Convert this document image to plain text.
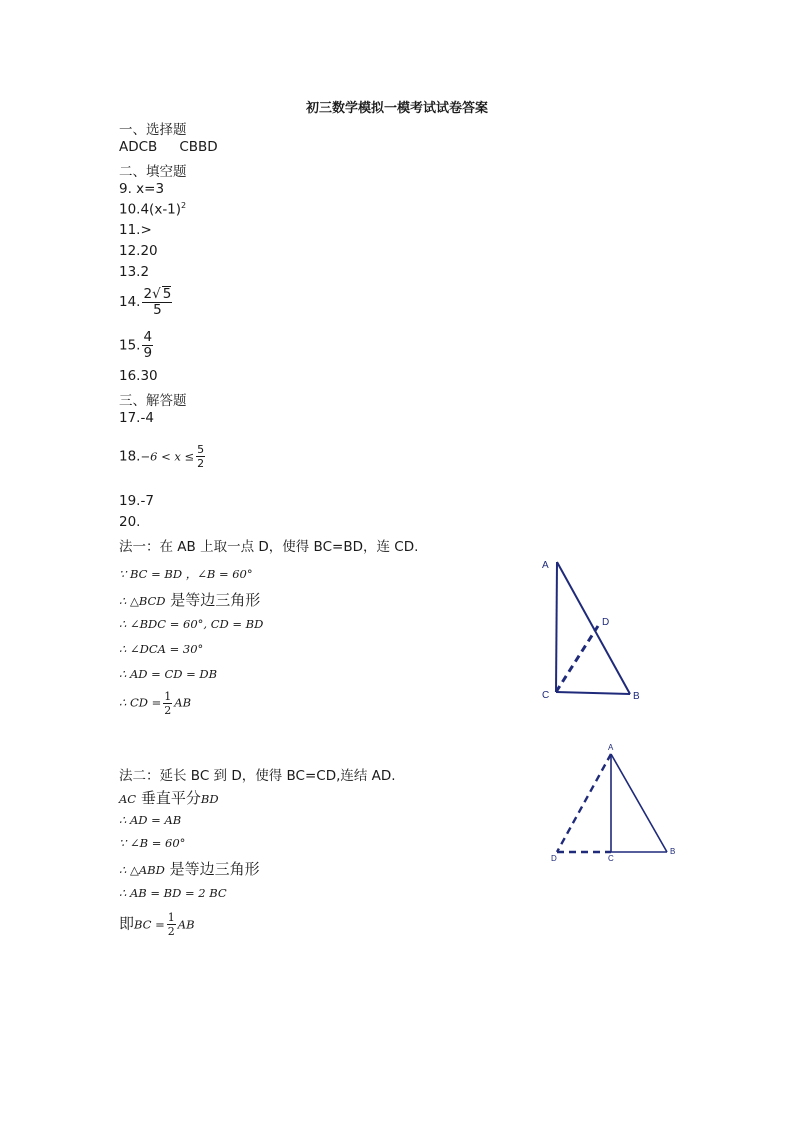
初三数学模拟一模考试试卷答案
一、选择题
ADCB CBBD
二、填空题
9. x=3
$10.4(x-1)^2$
11.>
12.20
13.2
14. $\frac{2√ 5}{5}$
15. $\frac{4}{9}$
16.30
三、解答题
17.-4
$18.-6 < x \le \frac{5}{2}$
19.-7
20.
法一：在 AB 上取一点 D，使得 BC=BD，连 CD.
∵ BC = BD ，∠B = 60°
∴ △BCD 是等边三角形
∴ ∠BDC = 60°, CD = BD
∴ ∠DCA = 30°
∴ AD = CD = DB
∴ CD = $\frac{1}{2}$ AB
法二：延长 BC 到 D，使得 BC=CD,连结 AD.
AC 垂直平分BD
∴ AD = AB
∵ ∠B = 60°
∴ △ABD 是等边三角形
∴ AB = BD = 2 BC
即BC = $\frac{1}{2}$ AB
A
D
C	B
A
D	C
B
